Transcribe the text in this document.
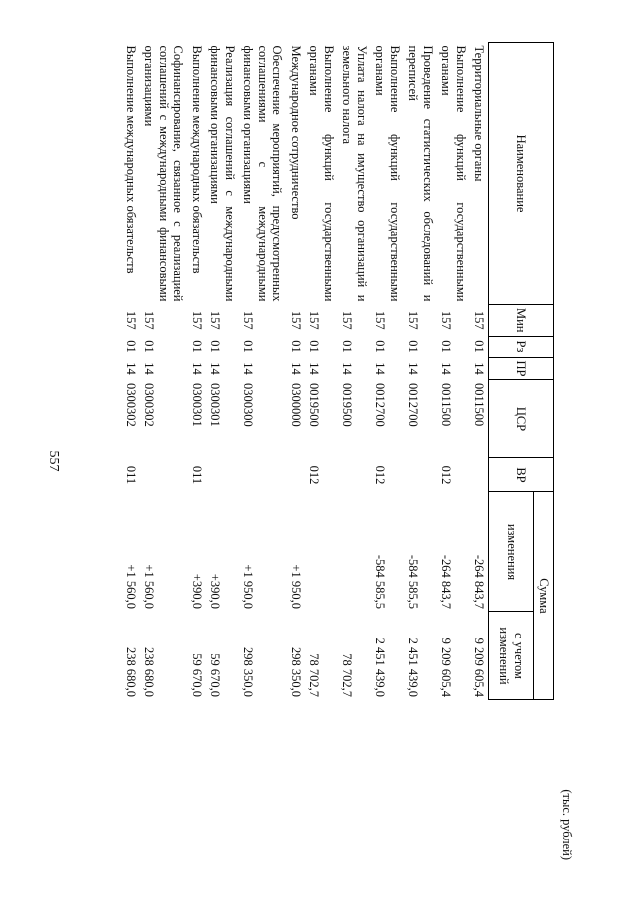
557
(тыс. рублей)
Наименование	Мин	Рз	ПР	ЦСР	ВР	Сумма	
						изменения	с учетом изменений
Территориальные органы	157	01	14	0011500		-264 843,7	9 209 605,4
Выполнение функций государственными органами	157	01	14	0011500	012	-264 843,7	9 209 605,4
Проведение статистических обследований и переписей	157	01	14	0012700		-584 585,5	2 451 439,0
Выполнение функций государственными органами	157	01	14	0012700	012	-584 585,5	2 451 439,0
Уплата налога на имущество организаций и земельного налога	157	01	14	0019500			78 702,7
Выполнение функций государственными органами	157	01	14	0019500	012		78 702,7
Международное сотрудничество	157	01	14	0300000		+1 950,0	298 350,0
Обеспечение мероприятий, предусмотренных соглашениями с международными финансовыми организациями	157	01	14	0300300		+1 950,0	298 350,0
Реализация соглашений с международными финансовыми организациями	157	01	14	0300301		+390,0	59 670,0
Выполнение международных обязательств	157	01	14	0300301	011	+390,0	59 670,0
Софинансирование, связанное с реализацией соглашений с международными финансовыми организациями	157	01	14	0300302		+1 560,0	238 680,0
Выполнение международных обязательств	157	01	14	0300302	011	+1 560,0	238 680,0
